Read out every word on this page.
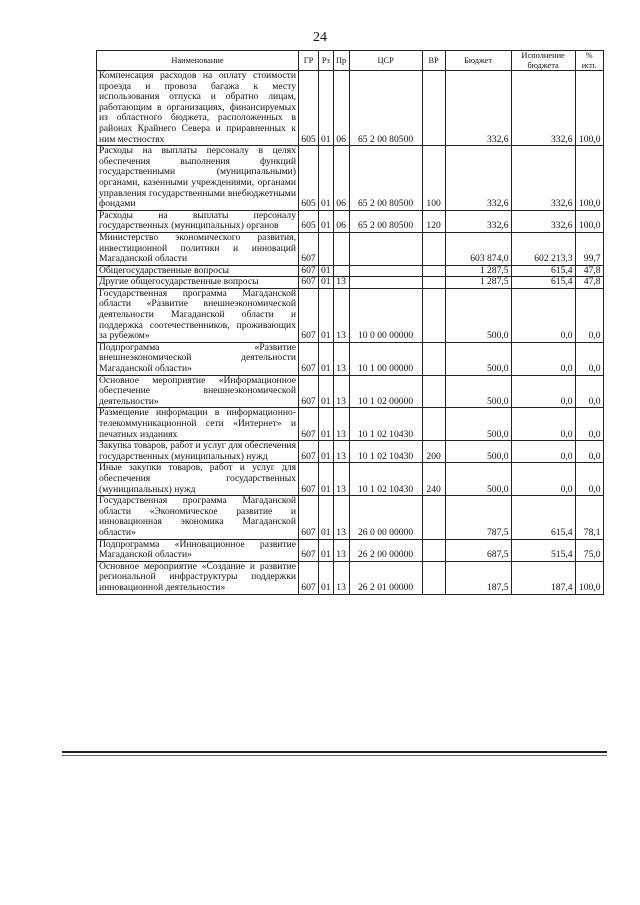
24
Наименование	ГР	Рз	Пр	ЦСР	ВР	Бюджет	Исполнение бюджета	% исп.
Компенсация расходов на оплату стоимости проезда и провоза багажа к месту использования отпуска и обратно лицам, работающим в организациях, финансируемых из областного бюджета, расположенных в районах Крайнего Севера и приравненных к ним местностях	605	01	06	65 2 00 80500		332,6	332,6	100,0
Расходы на выплаты персоналу в целях обеспечения выполнения функций государственными (муниципальными) органами, казенными учреждениями, органами управления государственными внебюджетными фондами	605	01	06	65 2 00 80500	100	332,6	332,6	100,0
Расходы на выплаты персоналу государственных (муниципальных) органов	605	01	06	65 2 00 80500	120	332,6	332,6	100,0
Министерство экономического развития, инвестиционной политики и инноваций Магаданской области	607					603 874,0	602 213,3	99,7
Общегосударственные вопросы	607	01				1 287,5	615,4	47,8
Другие общегосударственные вопросы	607	01	13			1 287,5	615,4	47,8
Государственная программа Магаданской области «Развитие внешнеэкономической деятельности Магаданской области и поддержка соотечественников, проживающих за рубежом»	607	01	13	10 0 00 00000		500,0	0,0	0,0
Подпрограмма «Развитие внешнеэкономической деятельности Магаданской области»	607	01	13	10 1 00 00000		500,0	0,0	0,0
Основное мероприятие «Информационное обеспечение внешнеэкономической деятельности»	607	01	13	10 1 02 00000		500,0	0,0	0,0
Размещение информации в информационно-телекоммуникационной сети «Интернет» и печатных изданиях	607	01	13	10 1 02 10430		500,0	0,0	0,0
Закупка товаров, работ и услуг для обеспечения государственных (муниципальных) нужд	607	01	13	10 1 02 10430	200	500,0	0,0	0,0
Иные закупки товаров, работ и услуг для обеспечения государственных (муниципальных) нужд	607	01	13	10 1 02 10430	240	500,0	0,0	0,0
Государственная программа Магаданской области «Экономическое развитие и инновационная экономика Магаданской области»	607	01	13	26 0 00 00000		787,5	615,4	78,1
Подпрограмма «Инновационное развитие Магаданской области»	607	01	13	26 2 00 00000		687,5	515,4	75,0
Основное мероприятие «Создание и развитие региональной инфраструктуры поддержки инновационной деятельности»	607	01	13	26 2 01 00000		187,5	187,4	100,0
